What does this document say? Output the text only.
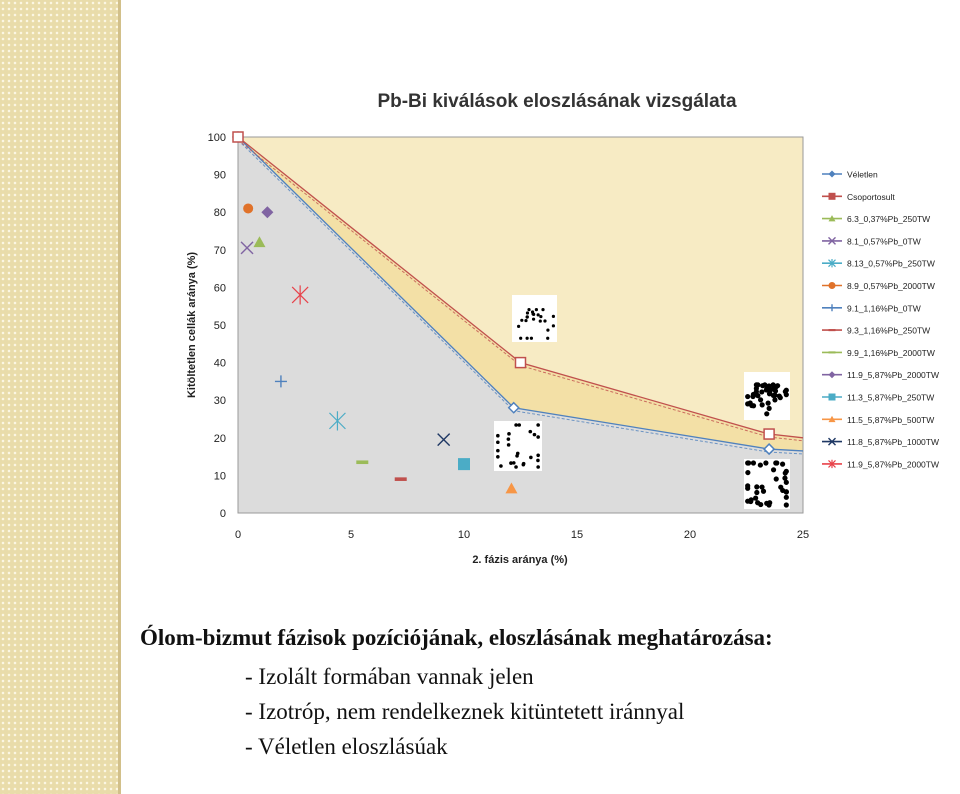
Pb-Bi kiválások eloszlásának vizsgálata
0
10
20
30
40
50
60
70
80
90
100
0	5	10	15	20	25
2. fázis aránya (%)
Kitöltetlen cellák aránya (%)
Véletlen
Csoportosult
6.3_0,37%Pb_250TW
8.1_0,57%Pb_0TW
8.13_0,57%Pb_250TW
8.9_0,57%Pb_2000TW
9.1_1,16%Pb_0TW
9.3_1,16%Pb_250TW
9.9_1,16%Pb_2000TW
11.9_5,87%Pb_2000TW
11.3_5,87%Pb_250TW
11.5_5,87%Pb_500TW
11.8_5,87%Pb_1000TW
11.9_5,87%Pb_2000TW

Ólom-bizmut fázisok pozíciójának, eloszlásának meghatározása:

- Izolált formában vannak jelen
- Izotróp, nem rendelkeznek kitüntetett iránnyal
- Véletlen eloszlásúak
